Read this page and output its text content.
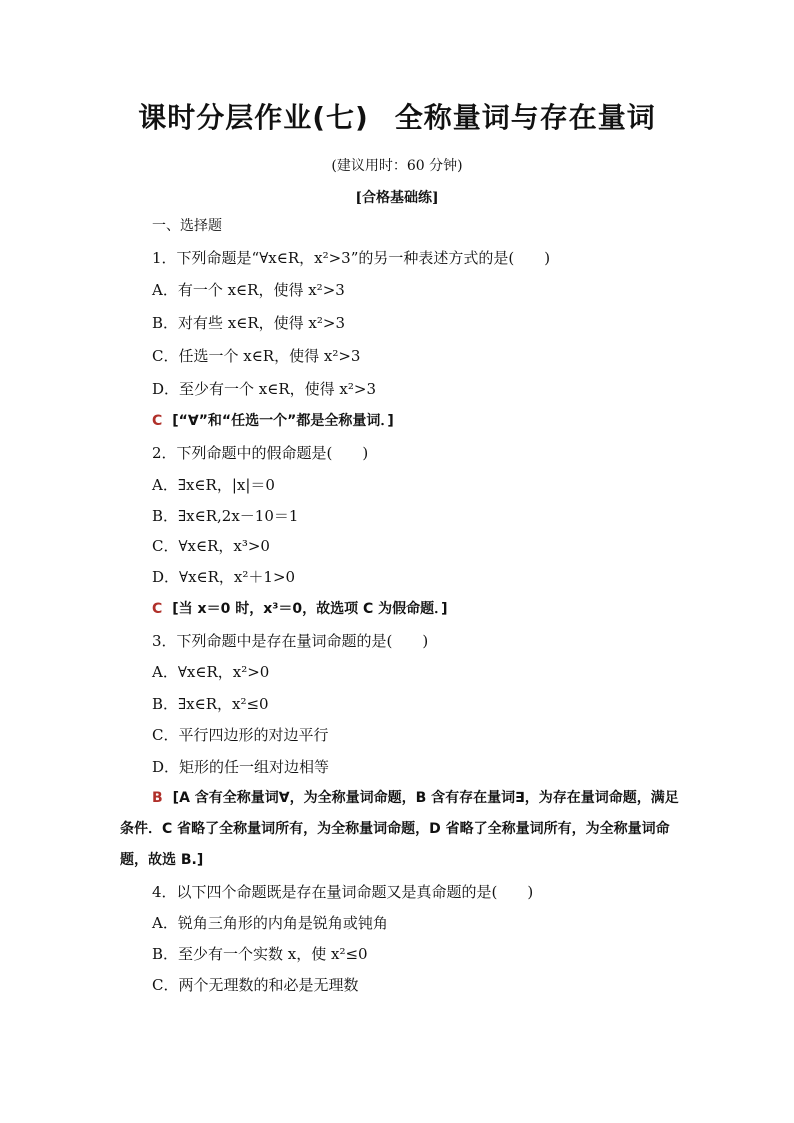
课时分层作业(七) 全称量词与存在量词
(建议用时：60 分钟)
[合格基础练]
一、选择题
1．下列命题是“∀x∈R，x²>3”的另一种表述方式的是(　　)
A．有一个 x∈R，使得 x²>3
B．对有些 x∈R，使得 x²>3
C．任选一个 x∈R，使得 x²>3
D．至少有一个 x∈R，使得 x²>3
C [“∀”和“任选一个”都是全称量词．]
2．下列命题中的假命题是(　　)
A．∃x∈R，|x|＝0
B．∃x∈R,2x－10＝1
C．∀x∈R，x³>0
D．∀x∈R，x²＋1>0
C [当 x＝0 时，x³＝0，故选项 C 为假命题．]
3．下列命题中是存在量词命题的是(　　)
A．∀x∈R，x²>0
B．∃x∈R，x²≤0
C．平行四边形的对边平行
D．矩形的任一组对边相等
B [A 含有全称量词∀，为全称量词命题，B 含有存在量词∃，为存在量词命题，满足条件．C 省略了全称量词所有，为全称量词命题，D 省略了全称量词所有，为全称量词命题，故选 B.]
4．以下四个命题既是存在量词命题又是真命题的是(　　)
A．锐角三角形的内角是锐角或钝角
B．至少有一个实数 x，使 x²≤0
C．两个无理数的和必是无理数
